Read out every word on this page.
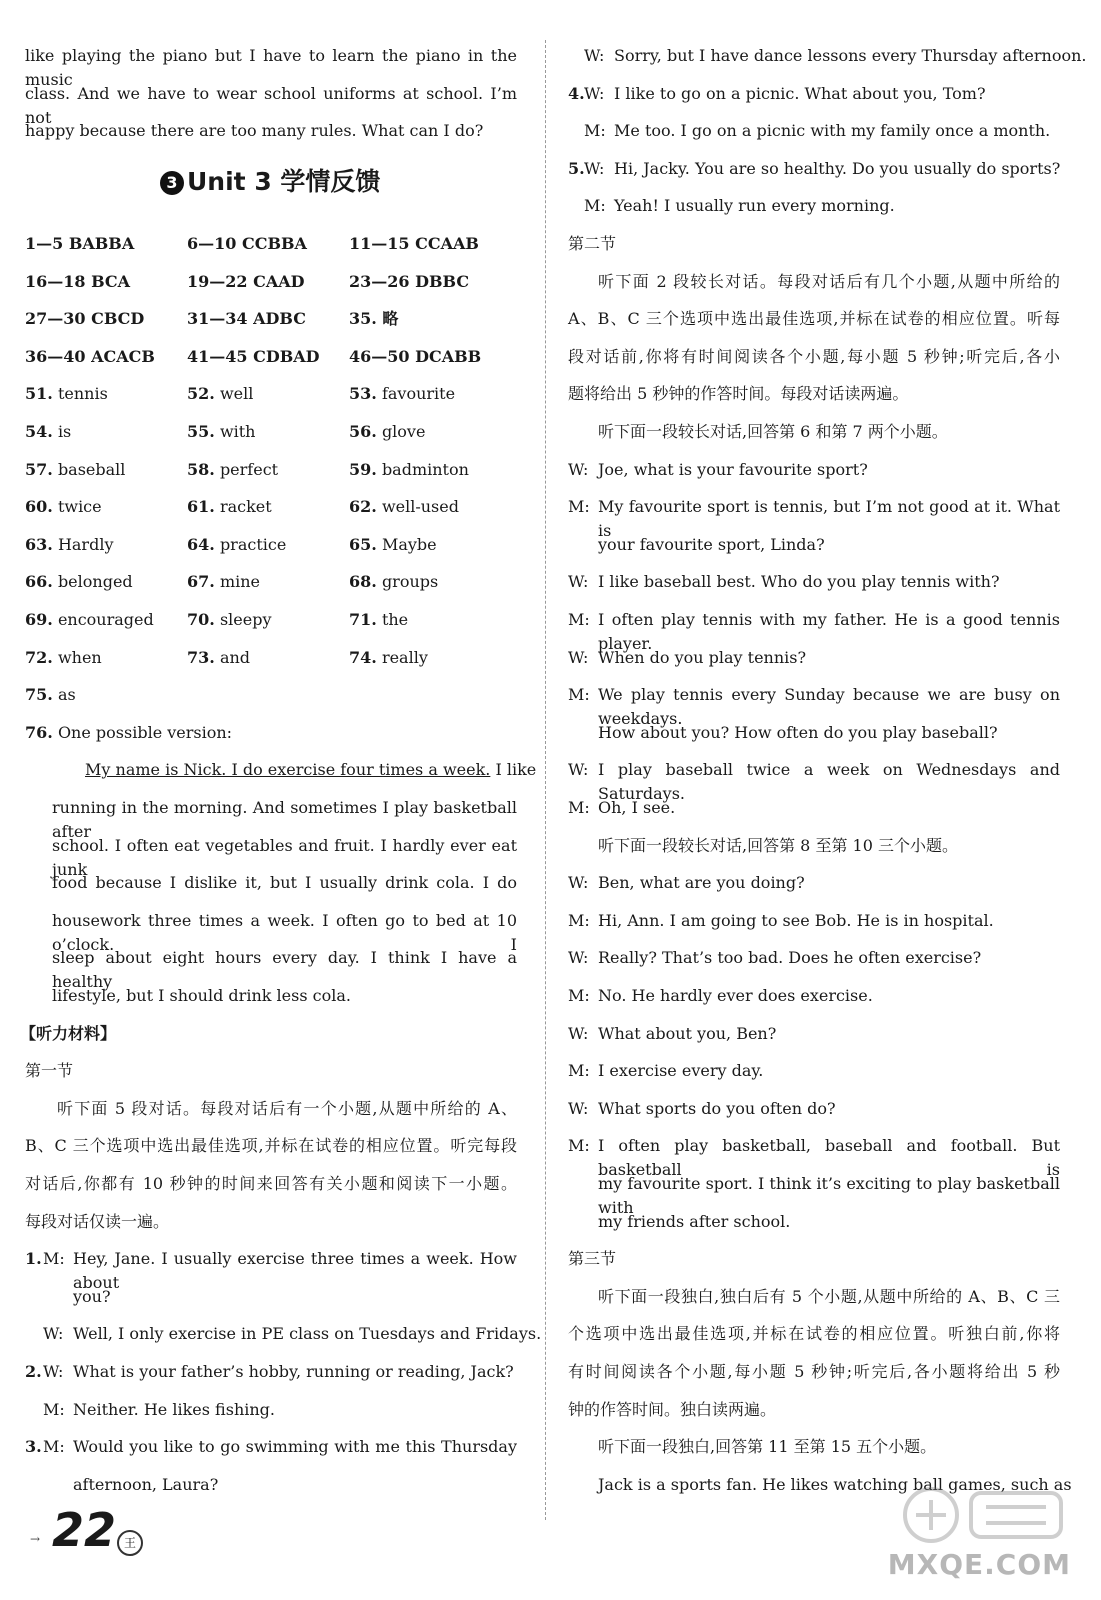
like playing the piano but I have to learn the piano in the music
class. And we have to wear school uniforms at school. I’m not
happy because there are too many rules. What can I do?
3 Unit 3 学情反馈
1—5 BABBA	6—10 CCBBA	11—15 CCAAB
16—18 BCA	19—22 CAAD	23—26 DBBC
27—30 CBCD	31—34 ADBC	35. 略
36—40 ACACB 41—45 CDBAD 46—50 DCABB
51. tennis	52. well	53. favourite
54. is	55. with	56. glove
57. baseball	58. perfect	59. badminton
60. twice	61. racket	62. well-used
63. Hardly	64. practice	65. Maybe
66. belonged	67. mine	68. groups
69. encouraged 70. sleepy	71. the
72. when	73. and	74. really
75. as
76. One possible version:
My name is Nick. I do exercise four times a week. I like
running in the morning. And sometimes I play basketball after
school. I often eat vegetables and fruit. I hardly ever eat junk
food because I dislike it, but I usually drink cola. I do
housework three times a week. I often go to bed at 10 o’clock. I
sleep about eight hours every day. I think I have a healthy
lifestyle, but I should drink less cola.
【听力材料】
第一节
听下面 5 段对话。每段对话后有一个小题,从题中所给的 A、
B、C 三个选项中选出最佳选项,并标在试卷的相应位置。听完每段
对话后,你都有 10 秒钟的时间来回答有关小题和阅读下一小题。
每段对话仅读一遍。
1. M: Hey, Jane. I usually exercise three times a week. How about
you?
W: Well, I only exercise in PE class on Tuesdays and Fridays.
2. W: What is your father’s hobby, running or reading, Jack?
M: Neither. He likes fishing.
3. M: Would you like to go swimming with me this Thursday
afternoon, Laura?
W: Sorry, but I have dance lessons every Thursday afternoon.
4. W: I like to go on a picnic. What about you, Tom?
M: Me too. I go on a picnic with my family once a month.
5. W: Hi, Jacky. You are so healthy. Do you usually do sports?
M: Yeah! I usually run every morning.
第二节
听下面 2 段较长对话。每段对话后有几个小题,从题中所给的
A、B、C 三个选项中选出最佳选项,并标在试卷的相应位置。听每
段对话前,你将有时间阅读各个小题,每小题 5 秒钟;听完后,各小
题将给出 5 秒钟的作答时间。每段对话读两遍。
听下面一段较长对话,回答第 6 和第 7 两个小题。
W: Joe, what is your favourite sport?
M: My favourite sport is tennis, but I’m not good at it. What is
your favourite sport, Linda?
W: I like baseball best. Who do you play tennis with?
M: I often play tennis with my father. He is a good tennis player.
W: When do you play tennis?
M: We play tennis every Sunday because we are busy on weekdays.
How about you? How often do you play baseball?
W: I play baseball twice a week on Wednesdays and Saturdays.
M: Oh, I see.
听下面一段较长对话,回答第 8 至第 10 三个小题。
W: Ben, what are you doing?
M: Hi, Ann. I am going to see Bob. He is in hospital.
W: Really? That’s too bad. Does he often exercise?
M: No. He hardly ever does exercise.
W: What about you, Ben?
M: I exercise every day.
W: What sports do you often do?
M: I often play basketball, baseball and football. But basketball is
my favourite sport. I think it’s exciting to play basketball with
my friends after school.
第三节
听下面一段独白,独白后有 5 个小题,从题中所给的 A、B、C 三
个选项中选出最佳选项,并标在试卷的相应位置。听独白前,你将
有时间阅读各个小题,每小题 5 秒钟;听完后,各小题将给出 5 秒
钟的作答时间。独白读两遍。
听下面一段独白,回答第 11 至第 15 五个小题。
Jack is a sports fan. He likes watching ball games, such as
→ 22 王
MXQE.COM
